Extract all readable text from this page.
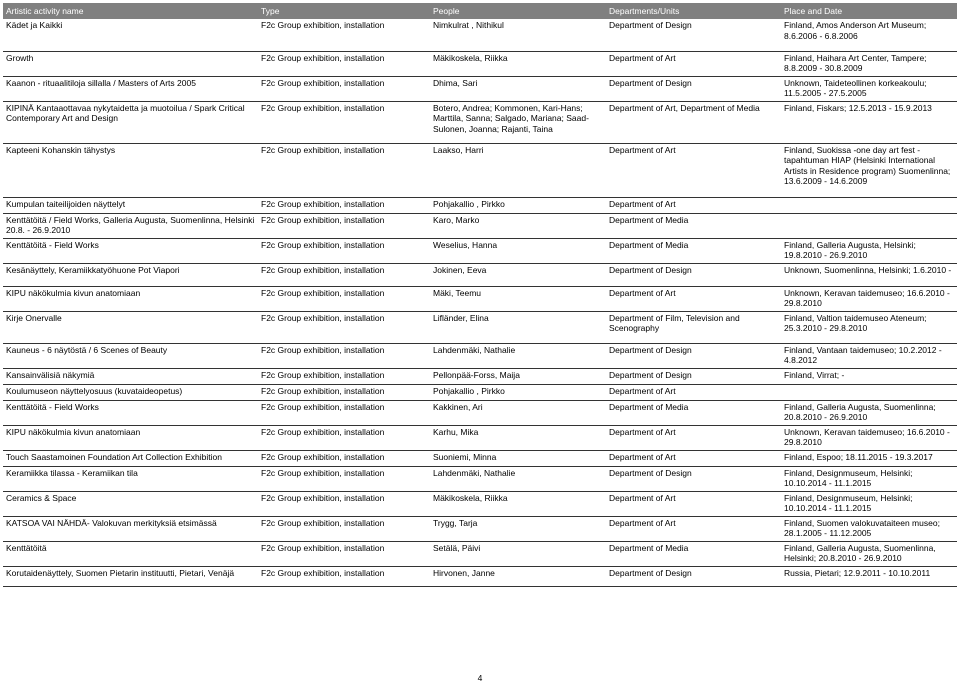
Artistic activity name	Type	People	Departments/Units	Place and Date
Kädet ja Kaikki	F2c Group exhibition, installation	Nimkulrat , Nithikul	Department of Design	Finland, Amos Anderson Art Museum; 8.6.2006 - 6.8.2006
Growth	F2c Group exhibition, installation	Mäkikoskela, Riikka	Department of Art	Finland, Haihara Art Center, Tampere; 8.8.2009 - 30.8.2009
Kaanon - rituaalitiloja sillalla / Masters of Arts 2005	F2c Group exhibition, installation	Dhima, Sari	Department of Design	Unknown, Taideteollinen korkeakoulu; 11.5.2005 - 27.5.2005
KIPINÄ Kantaaottavaa nykytaidetta ja muotoilua / Spark Critical Contemporary Art and Design	F2c Group exhibition, installation	Botero, Andrea; Kommonen, Kari-Hans; Marttila, Sanna; Salgado, Mariana; Saad-Sulonen, Joanna; Rajanti, Taina	Department of Art, Department of Media	Finland, Fiskars; 12.5.2013 - 15.9.2013
Kapteeni Kohanskin tähystys	F2c Group exhibition, installation	Laakso, Harri	Department of Art	Finland, Suokissa -one day art fest - tapahtuman HIAP (Helsinki International Artists in Residence program) Suomenlinna; 13.6.2009 - 14.6.2009
Kumpulan taiteilijoiden näyttelyt	F2c Group exhibition, installation	Pohjakallio , Pirkko	Department of Art	
Kenttätöitä / Field Works, Galleria Augusta, Suomenlinna, Helsinki 20.8. - 26.9.2010	F2c Group exhibition, installation	Karo, Marko	Department of Media	
Kenttätöitä - Field Works	F2c Group exhibition, installation	Weselius, Hanna	Department of Media	Finland, Galleria Augusta, Helsinki; 19.8.2010 - 26.9.2010
Kesänäyttely, Keramiikkatyöhuone Pot Viapori	F2c Group exhibition, installation	Jokinen, Eeva	Department of Design	Unknown, Suomenlinna, Helsinki; 1.6.2010 -
KIPU näkökulmia kivun anatomiaan	F2c Group exhibition, installation	Mäki, Teemu	Department of Art	Unknown, Keravan taidemuseo; 16.6.2010 - 29.8.2010
Kirje Onervalle	F2c Group exhibition, installation	Lifländer, Elina	Department of Film, Television and Scenography	Finland, Valtion taidemuseo Ateneum; 25.3.2010 - 29.8.2010
Kauneus - 6 näytöstä / 6 Scenes of Beauty	F2c Group exhibition, installation	Lahdenmäki, Nathalie	Department of Design	Finland, Vantaan taidemuseo; 10.2.2012 - 4.8.2012
Kansainvälisiä näkymiä	F2c Group exhibition, installation	Pellonpää-Forss, Maija	Department of Design	Finland, Virrat; -
Koulumuseon näyttelyosuus (kuvataideopetus)	F2c Group exhibition, installation	Pohjakallio , Pirkko	Department of Art	
Kenttätöitä - Field Works	F2c Group exhibition, installation	Kakkinen, Ari	Department of Media	Finland, Galleria Augusta, Suomenlinna; 20.8.2010 - 26.9.2010
KIPU näkökulmia kivun anatomiaan	F2c Group exhibition, installation	Karhu, Mika	Department of Art	Unknown, Keravan taidemuseo; 16.6.2010 - 29.8.2010
Touch Saastamoinen Foundation Art Collection Exhibition	F2c Group exhibition, installation	Suoniemi, Minna	Department of Art	Finland, Espoo; 18.11.2015 - 19.3.2017
Keramiikka tilassa - Keramiikan tila	F2c Group exhibition, installation	Lahdenmäki, Nathalie	Department of Design	Finland, Designmuseum, Helsinki; 10.10.2014 - 11.1.2015
Ceramics & Space	F2c Group exhibition, installation	Mäkikoskela, Riikka	Department of Art	Finland, Designmuseum, Helsinki; 10.10.2014 - 11.1.2015
KATSOA VAI NÄHDÄ- Valokuvan merkityksiä etsimässä	F2c Group exhibition, installation	Trygg, Tarja	Department of Art	Finland, Suomen valokuvataiteen museo; 28.1.2005 - 11.12.2005
Kenttätöitä	F2c Group exhibition, installation	Setälä, Päivi	Department of Media	Finland, Galleria Augusta, Suomenlinna, Helsinki; 20.8.2010 - 26.9.2010
Korutaidenäyttely, Suomen Pietarin instituutti, Pietari, Venäjä	F2c Group exhibition, installation	Hirvonen, Janne	Department of Design	Russia, Pietari; 12.9.2011 - 10.10.2011
4
